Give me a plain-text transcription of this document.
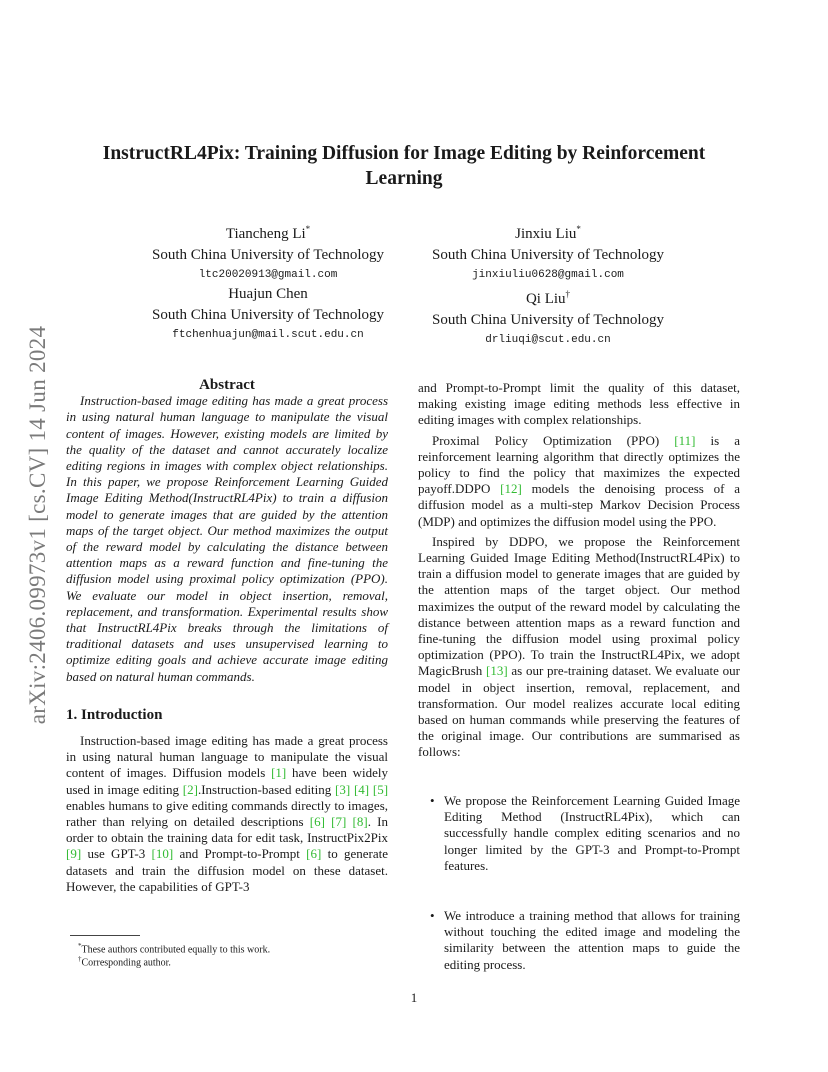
arXiv:2406.09973v1 [cs.CV] 14 Jun 2024
InstructRL4Pix: Training Diffusion for Image Editing by Reinforcement Learning
Tiancheng Li*
South China University of Technology
ltc20020913@gmail.com
Jinxiu Liu*
South China University of Technology
jinxiuliu0628@gmail.com
Huajun Chen
South China University of Technology
ftchenhuajun@mail.scut.edu.cn
Qi Liu†
South China University of Technology
drliuqi@scut.edu.cn

Abstract

Instruction-based image editing has made a great process in using natural human language to manipulate the visual content of images. However, existing models are limited by the quality of the dataset and cannot accurately localize editing regions in images with complex object relationships. In this paper, we propose Reinforcement Learning Guided Image Editing Method(InstructRL4Pix) to train a diffusion model to generate images that are guided by the attention maps of the target object. Our method maximizes the output of the reward model by calculating the distance between attention maps as a reward function and fine-tuning the diffusion model using proximal policy optimization (PPO). We evaluate our model in object insertion, removal, replacement, and transformation. Experimental results show that InstructRL4Pix breaks through the limitations of traditional datasets and uses unsupervised learning to optimize editing goals and achieve accurate image editing based on natural human commands.

1. Introduction

Instruction-based image editing has made a great process in using natural human language to manipulate the visual content of images. Diffusion models [1] have been widely used in image editing [2].Instruction-based editing [3] [4] [5] enables humans to give editing commands directly to images, rather than relying on detailed descriptions [6] [7] [8]. In order to obtain the training data for edit task, InstructPix2Pix [9] use GPT-3 [10] and Prompt-to-Prompt [6] to generate datasets and train the diffusion model on these dataset. However, the capabilities of GPT-3

and Prompt-to-Prompt limit the quality of this dataset, making existing image editing methods less effective in editing images with complex relationships.

Proximal Policy Optimization (PPO) [11] is a reinforcement learning algorithm that directly optimizes the policy to find the policy that maximizes the expected payoff.DDPO [12] models the denoising process of a diffusion model as a multi-step Markov Decision Process (MDP) and optimizes the diffusion model using the PPO.

Inspired by DDPO, we propose the Reinforcement Learning Guided Image Editing Method(InstructRL4Pix) to train a diffusion model to generate images that are guided by the attention maps of the target object. Our method maximizes the output of the reward model by calculating the distance between attention maps as a reward function and fine-tuning the diffusion model using proximal policy optimization (PPO). To train the InstructRL4Pix, we adopt MagicBrush [13] as our pre-training dataset. We evaluate our model in object insertion, removal, replacement, and transformation. Our model realizes accurate local editing based on human commands while preserving the features of the original image. Our contributions are summarised as follows:

• We propose the Reinforcement Learning Guided Image Editing Method (InstructRL4Pix), which can successfully handle complex editing scenarios and no longer limited by the GPT-3 and Prompt-to-Prompt features.
• We introduce a training method that allows for training without touching the edited image and modeling the similarity between the attention maps to guide the editing process.
*These authors contributed equally to this work.
†Corresponding author.
1
